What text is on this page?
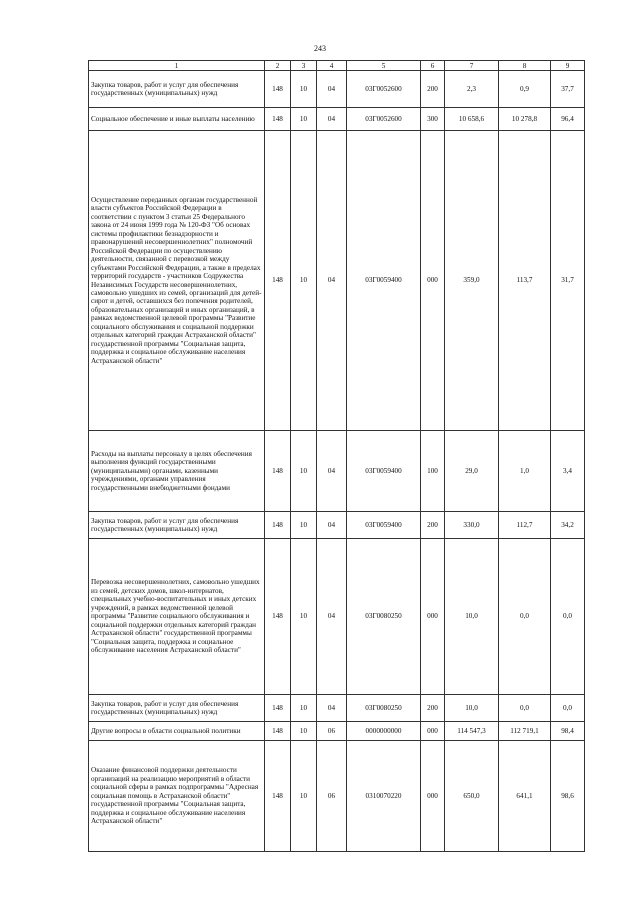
243
1	2	3	4	5	6	7	8	9
Закупка товаров, работ и услуг для обеспечения государственных (муниципальных) нужд	148	10	04	03Г0052600	200	2,3	0,9	37,7
Социальное обеспечение и иные выплаты населению	148	10	04	03Г0052600	300	10 658,6	10 278,8	96,4
Осуществление переданных органам государственной власти субъектов Российской Федерации в соответствии с пунктом 3 статьи 25 Федерального закона от 24 июня 1999 года № 120-ФЗ "Об основах системы профилактики безнадзорности и правонарушений несовершеннолетних" полномочий Российской Федерации по осуществлению деятельности, связанной с перевозкой между субъектами Российской Федерации, а также в пределах территорий государств - участников Содружества Независимых Государств несовершеннолетних, самовольно ушедших из семей, организаций для детей-сирот и детей, оставшихся без попечения родителей, образовательных организаций и иных организаций, в рамках ведомственной целевой программы "Развитие социального обслуживания и социальной поддержки отдельных категорий граждан Астраханской области" государственной программы "Социальная защита, поддержка и социальное обслуживание населения Астраханской области"	148	10	04	03Г0059400	000	359,0	113,7	31,7
Расходы на выплаты персоналу в целях обеспечения выполнения функций государственными (муниципальными) органами, казенными учреждениями, органами управления государственными внебюджетными фондами	148	10	04	03Г0059400	100	29,0	1,0	3,4
Закупка товаров, работ и услуг для обеспечения государственных (муниципальных) нужд	148	10	04	03Г0059400	200	330,0	112,7	34,2
Перевозка несовершеннолетних, самовольно ушедших из семей, детских домов, школ-интернатов, специальных учебно-воспитательных и иных детских учреждений, в рамках ведомственной целевой программы "Развитие социального обслуживания и социальной поддержки отдельных категорий граждан Астраханской области" государственной программы "Социальная защита, поддержка и социальное обслуживание населения Астраханской области"	148	10	04	03Г0080250	000	10,0	0,0	0,0
Закупка товаров, работ и услуг для обеспечения государственных (муниципальных) нужд	148	10	04	03Г0080250	200	10,0	0,0	0,0
Другие вопросы в области социальной политики	148	10	06	0000000000	000	114 547,3	112 719,1	98,4
Оказание финансовой поддержки деятельности организаций на реализацию мероприятий в области социальной сферы в рамках подпрограммы "Адресная социальная помощь в Астраханской области" государственной программы "Социальная защита, поддержка и социальное обслуживание населения Астраханской области"	148	10	06	0310070220	000	650,0	641,1	98,6
